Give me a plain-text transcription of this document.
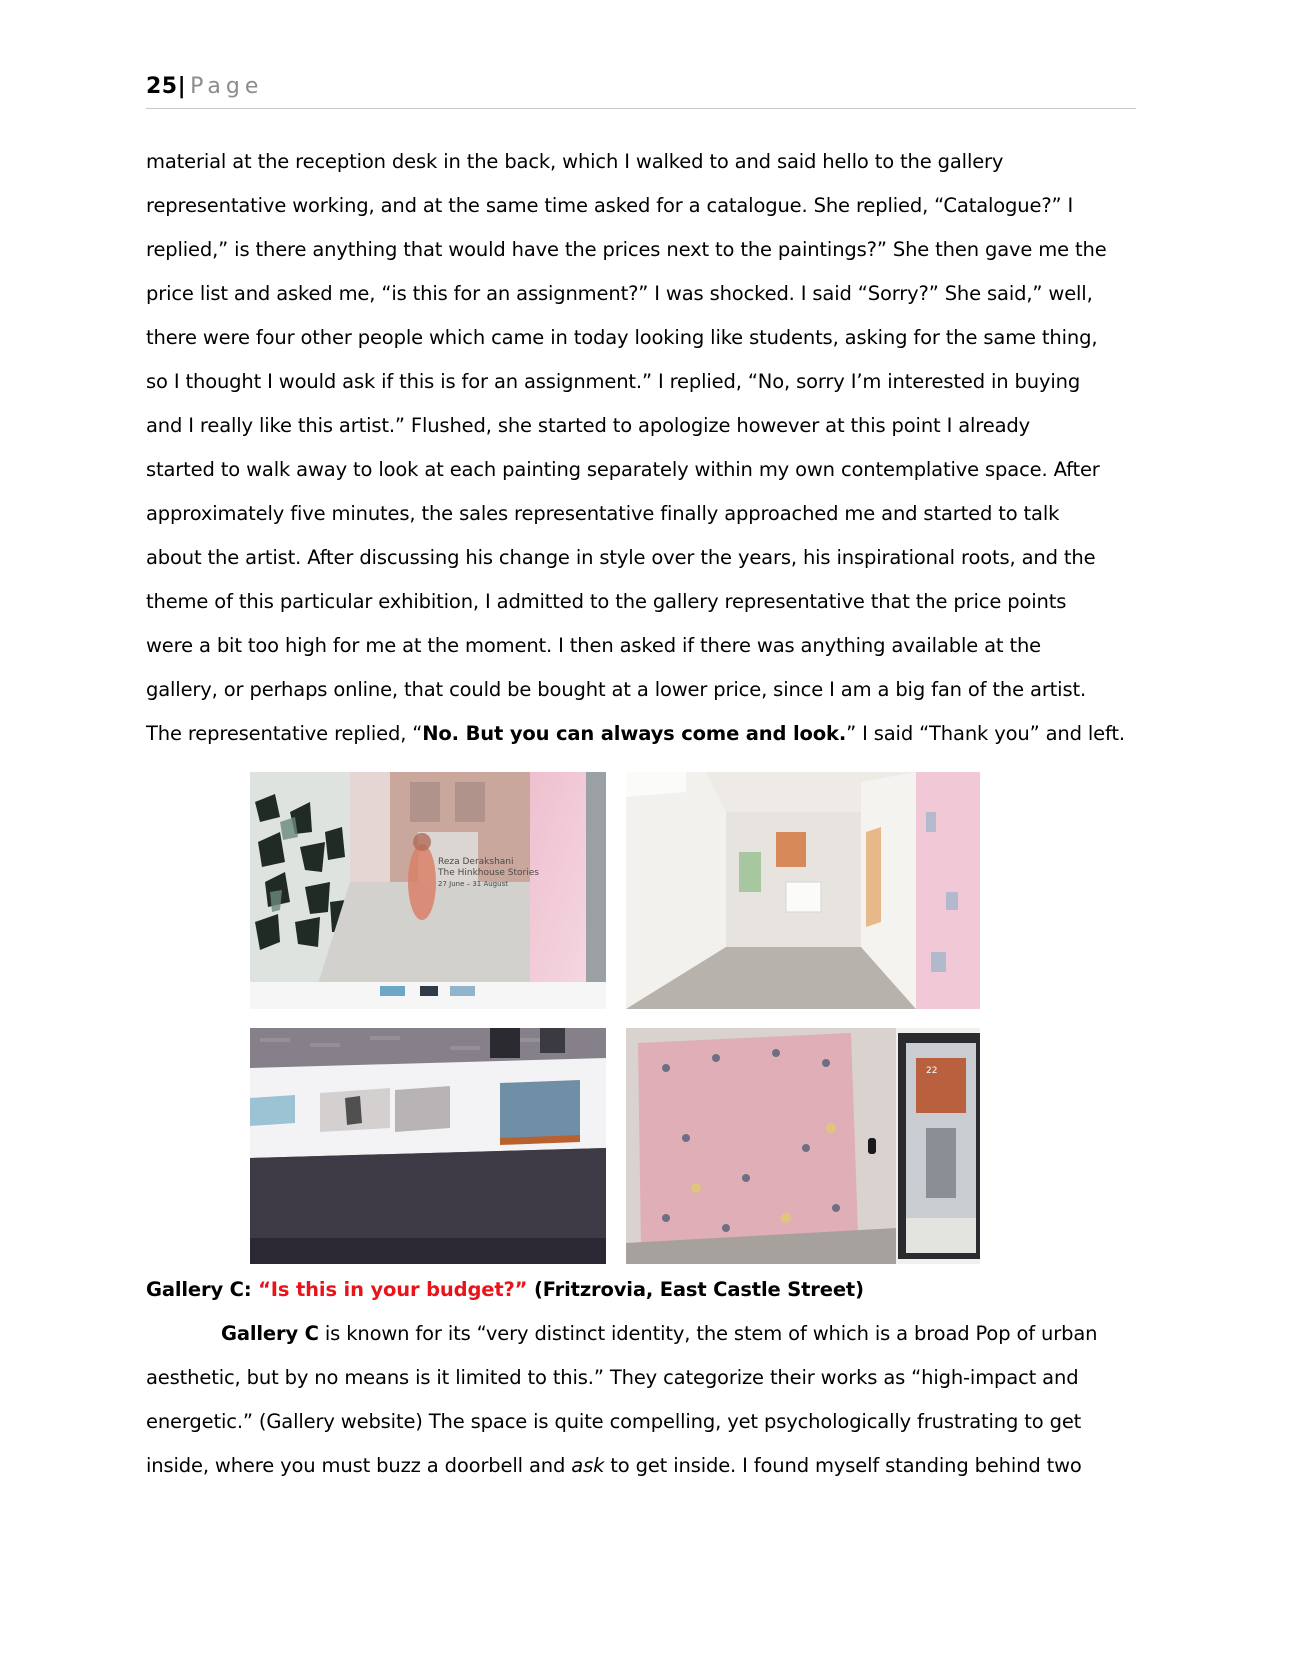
25| Page
material at the reception desk in the back, which I walked to and said hello to the gallery
representative working, and at the same time asked for a catalogue. She replied, “Catalogue?” I
replied,” is there anything that would have the prices next to the paintings?” She then gave me the
price list and asked me, “is this for an assignment?” I was shocked. I said “Sorry?” She said,” well,
there were four other people which came in today looking like students, asking for the same thing,
so I thought I would ask if this is for an assignment.” I replied, “No, sorry I’m interested in buying
and I really like this artist.” Flushed, she started to apologize however at this point I already
started to walk away to look at each painting separately within my own contemplative space. After
approximately five minutes, the sales representative finally approached me and started to talk
about the artist. After discussing his change in style over the years, his inspirational roots, and the
theme of this particular exhibition, I admitted to the gallery representative that the price points
were a bit too high for me at the moment. I then asked if there was anything available at the
gallery, or perhaps online, that could be bought at a lower price, since I am a big fan of the artist.
The representative replied, “No. But you can always come and look.” I said “Thank you” and left.
Reza Derakshani
The Hinkhouse Stories
27 June – 31 August
22
Gallery C: “Is this in your budget?” (Fritzrovia, East Castle Street)
Gallery C is known for its “very distinct identity, the stem of which is a broad Pop of urban
aesthetic, but by no means is it limited to this.” They categorize their works as “high-impact and
energetic.” (Gallery website) The space is quite compelling, yet psychologically frustrating to get
inside, where you must buzz a doorbell and ask to get inside. I found myself standing behind two
